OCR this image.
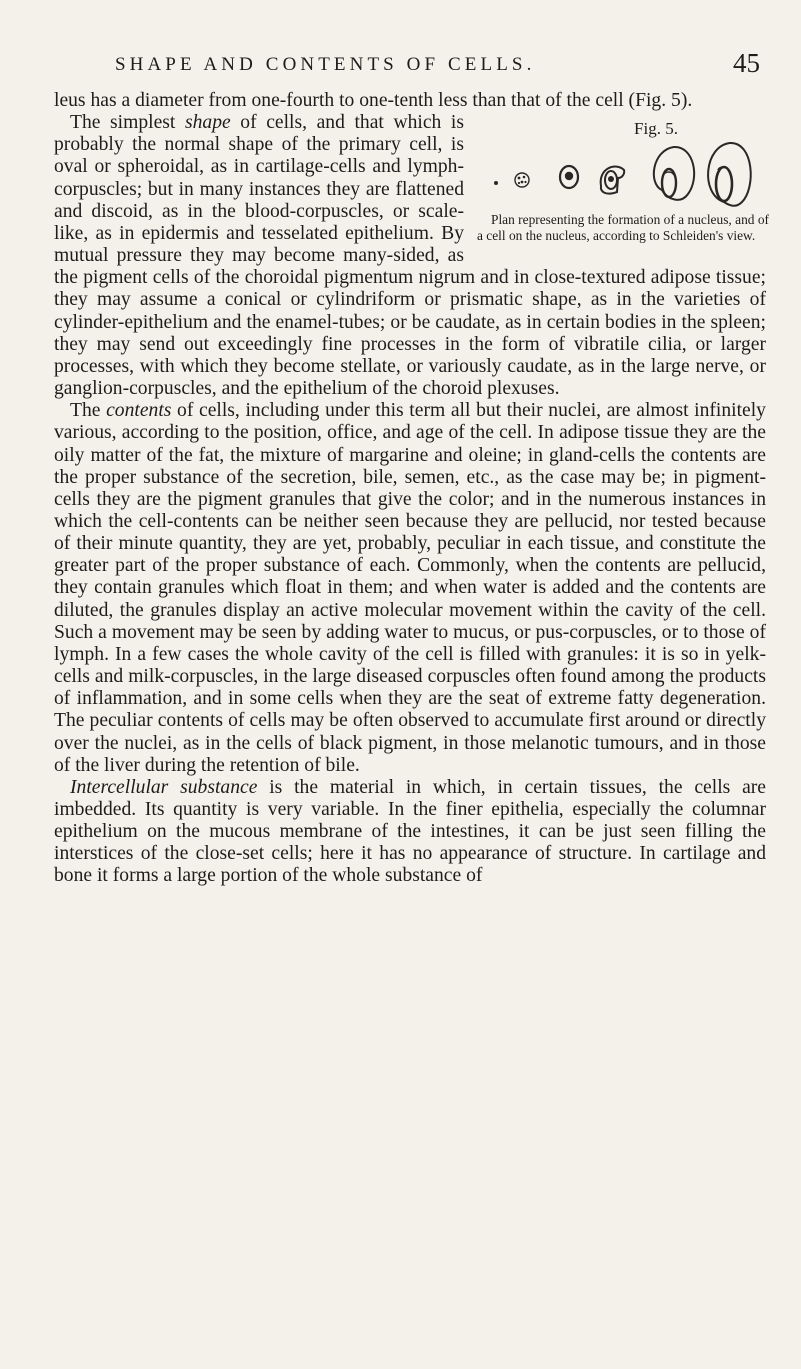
SHAPE AND CONTENTS OF CELLS.	45

leus has a diameter from one-fourth to one-tenth less than that of the cell (Fig. 5).

Fig. 5.
Plan representing the formation of a nucleus, and of a cell on the nucleus, according to Schleiden's view.
The simplest shape of cells, and that which is probably the normal shape of the primary cell, is oval or spheroidal, as in cartilage-cells and lymph-corpuscles; but in many instances they are flattened and discoid, as in the blood-corpuscles, or scale-like, as in epidermis and tesselated epithelium. By mutual pressure they may become many-sided, as the pigment cells of the choroidal pigmentum nigrum and in close-textured adipose tissue; they may assume a conical or cylindriform or prismatic shape, as in the varieties of cylinder-epithelium and the enamel-tubes; or be caudate, as in certain bodies in the spleen; they may send out exceedingly fine processes in the form of vibratile cilia, or larger processes, with which they become stellate, or variously caudate, as in the large nerve, or ganglion-corpuscles, and the epithelium of the choroid plexuses.

The contents of cells, including under this term all but their nuclei, are almost infinitely various, according to the position, office, and age of the cell. In adipose tissue they are the oily matter of the fat, the mixture of margarine and oleine; in gland-cells the contents are the proper substance of the secretion, bile, semen, etc., as the case may be; in pigment-cells they are the pigment granules that give the color; and in the numerous instances in which the cell-contents can be neither seen because they are pellucid, nor tested because of their minute quantity, they are yet, probably, peculiar in each tissue, and constitute the greater part of the proper substance of each. Commonly, when the contents are pellucid, they contain granules which float in them; and when water is added and the contents are diluted, the granules display an active molecular movement within the cavity of the cell. Such a movement may be seen by adding water to mucus, or pus-corpuscles, or to those of lymph. In a few cases the whole cavity of the cell is filled with granules: it is so in yelk-cells and milk-corpuscles, in the large diseased corpuscles often found among the products of inflammation, and in some cells when they are the seat of extreme fatty degeneration. The peculiar contents of cells may be often observed to accumulate first around or directly over the nuclei, as in the cells of black pigment, in those melanotic tumours, and in those of the liver during the retention of bile.

Intercellular substance is the material in which, in certain tissues, the cells are imbedded. Its quantity is very variable. In the finer epithelia, especially the columnar epithelium on the mucous membrane of the intestines, it can be just seen filling the interstices of the close-set cells; here it has no appearance of structure. In cartilage and bone it forms a large portion of the whole substance of
